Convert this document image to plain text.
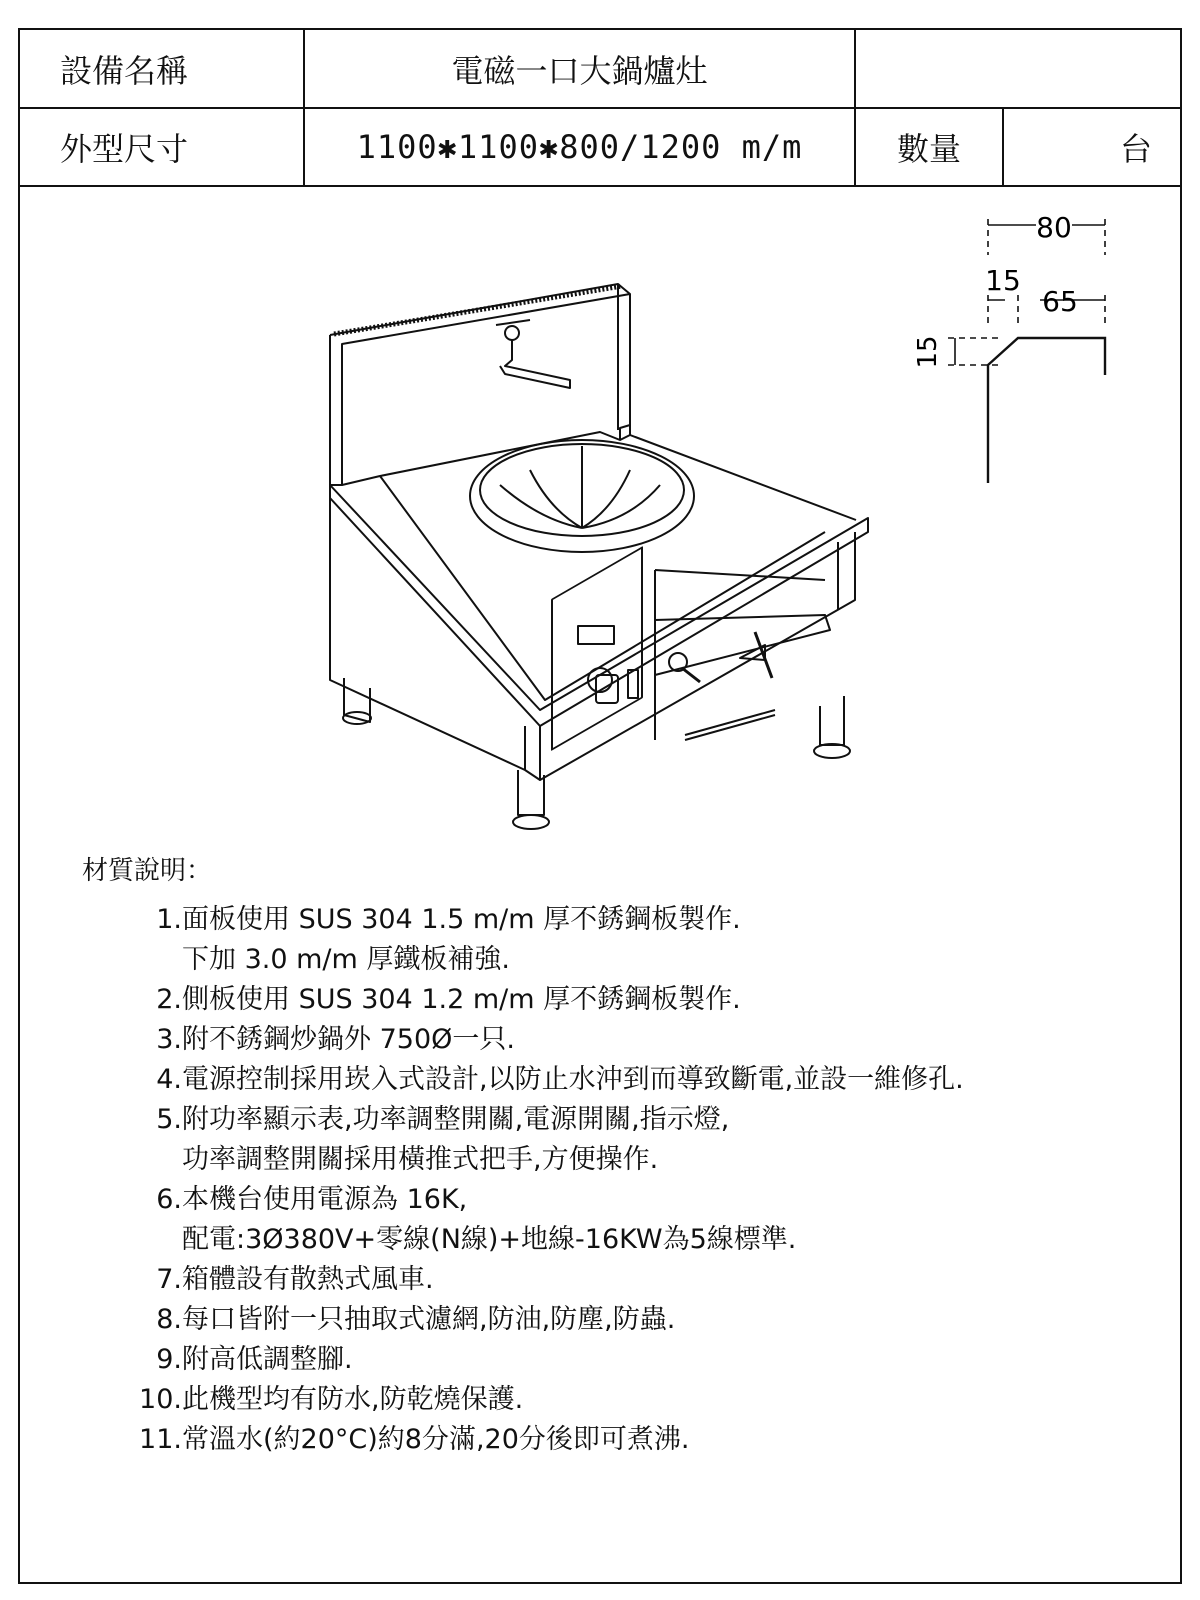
設備名稱	電磁一口大鍋爐灶		
外型尺寸	1100✱1100✱800/1200 m/m	數量	台
80
15
65
15
材質說明：
1.面板使用 SUS 304 1.5 m/m 厚不銹鋼板製作.
下加 3.0 m/m 厚鐵板補強.
2.側板使用 SUS 304 1.2 m/m 厚不銹鋼板製作.
3.附不銹鋼炒鍋外 750Ø一只.
4.電源控制採用崁入式設計,以防止水沖到而導致斷電,並設一維修孔.
5.附功率顯示表,功率調整開關,電源開關,指示燈,
功率調整開關採用橫推式把手,方便操作.
6.本機台使用電源為 16K,
配電:3Ø380V+零線(N線)+地線-16KW為5線標準.
7.箱體設有散熱式風車.
8.每口皆附一只抽取式濾網,防油,防塵,防蟲.
9.附高低調整腳.
10.此機型均有防水,防乾燒保護.
11.常溫水(約20°C)約8分滿,20分後即可煮沸.
